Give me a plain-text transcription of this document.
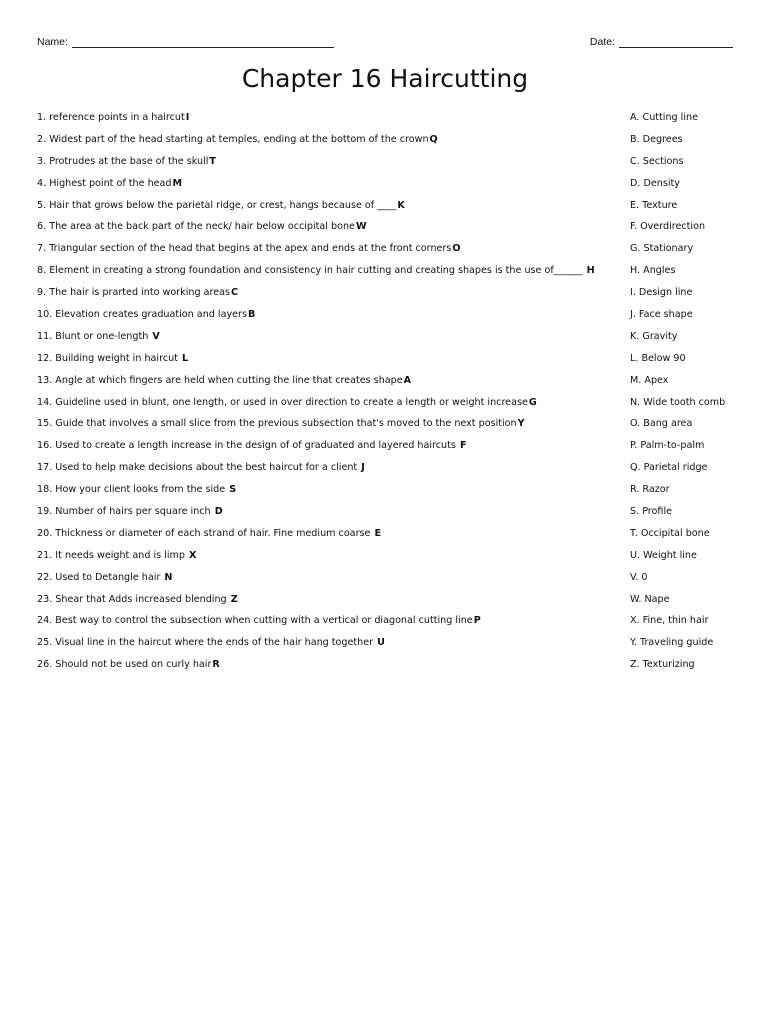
Name:	Date:
Chapter 16 Haircutting
1. reference points in a haircutI
2. Widest part of the head starting at temples, ending at the bottom of the crownQ
3. Protrudes at the base of the skullT
4. Highest point of the headM
5. Hair that grows below the parietal ridge, or crest, hangs because of ____K
6. The area at the back part of the neck/ hair below occipital boneW
7. Triangular section of the head that begins at the apex and ends at the front cornersO
8. Element in creating a strong foundation and consistency in hair cutting and creating shapes is the use of______ H
9. The hair is prarted into working areasC
10. Elevation creates graduation and layersB
11. Blunt or one-length V
12. Building weight in haircut L
13. Angle at which fingers are held when cutting the line that creates shapeA
14. Guideline used in blunt, one length, or used in over direction to create a length or weight increaseG
15. Guide that involves a small slice from the previous subsection that's moved to the next positionY
16. Used to create a length increase in the design of of graduated and layered haircuts F
17. Used to help make decisions about the best haircut for a client J
18. How your client looks from the side S
19. Number of hairs per square inch D
20. Thickness or diameter of each strand of hair. Fine medium coarse E
21. It needs weight and is limp X
22. Used to Detangle hair N
23. Shear that Adds increased blending Z
24. Best way to control the subsection when cutting with a vertical or diagonal cutting lineP
25. Visual line in the haircut where the ends of the hair hang together U
26. Should not be used on curly hairR
A. Cutting line
B. Degrees
C. Sections
D. Density
E. Texture
F. Overdirection
G. Stationary
H. Angles
I. Design line
J. Face shape
K. Gravity
L. Below 90
M. Apex
N. Wide tooth comb
O. Bang area
P. Palm-to-palm
Q. Parietal ridge
R. Razor
S. Profile
T. Occipital bone
U. Weight line
V. 0
W. Nape
X. Fine, thin hair
Y. Traveling guide
Z. Texturizing
